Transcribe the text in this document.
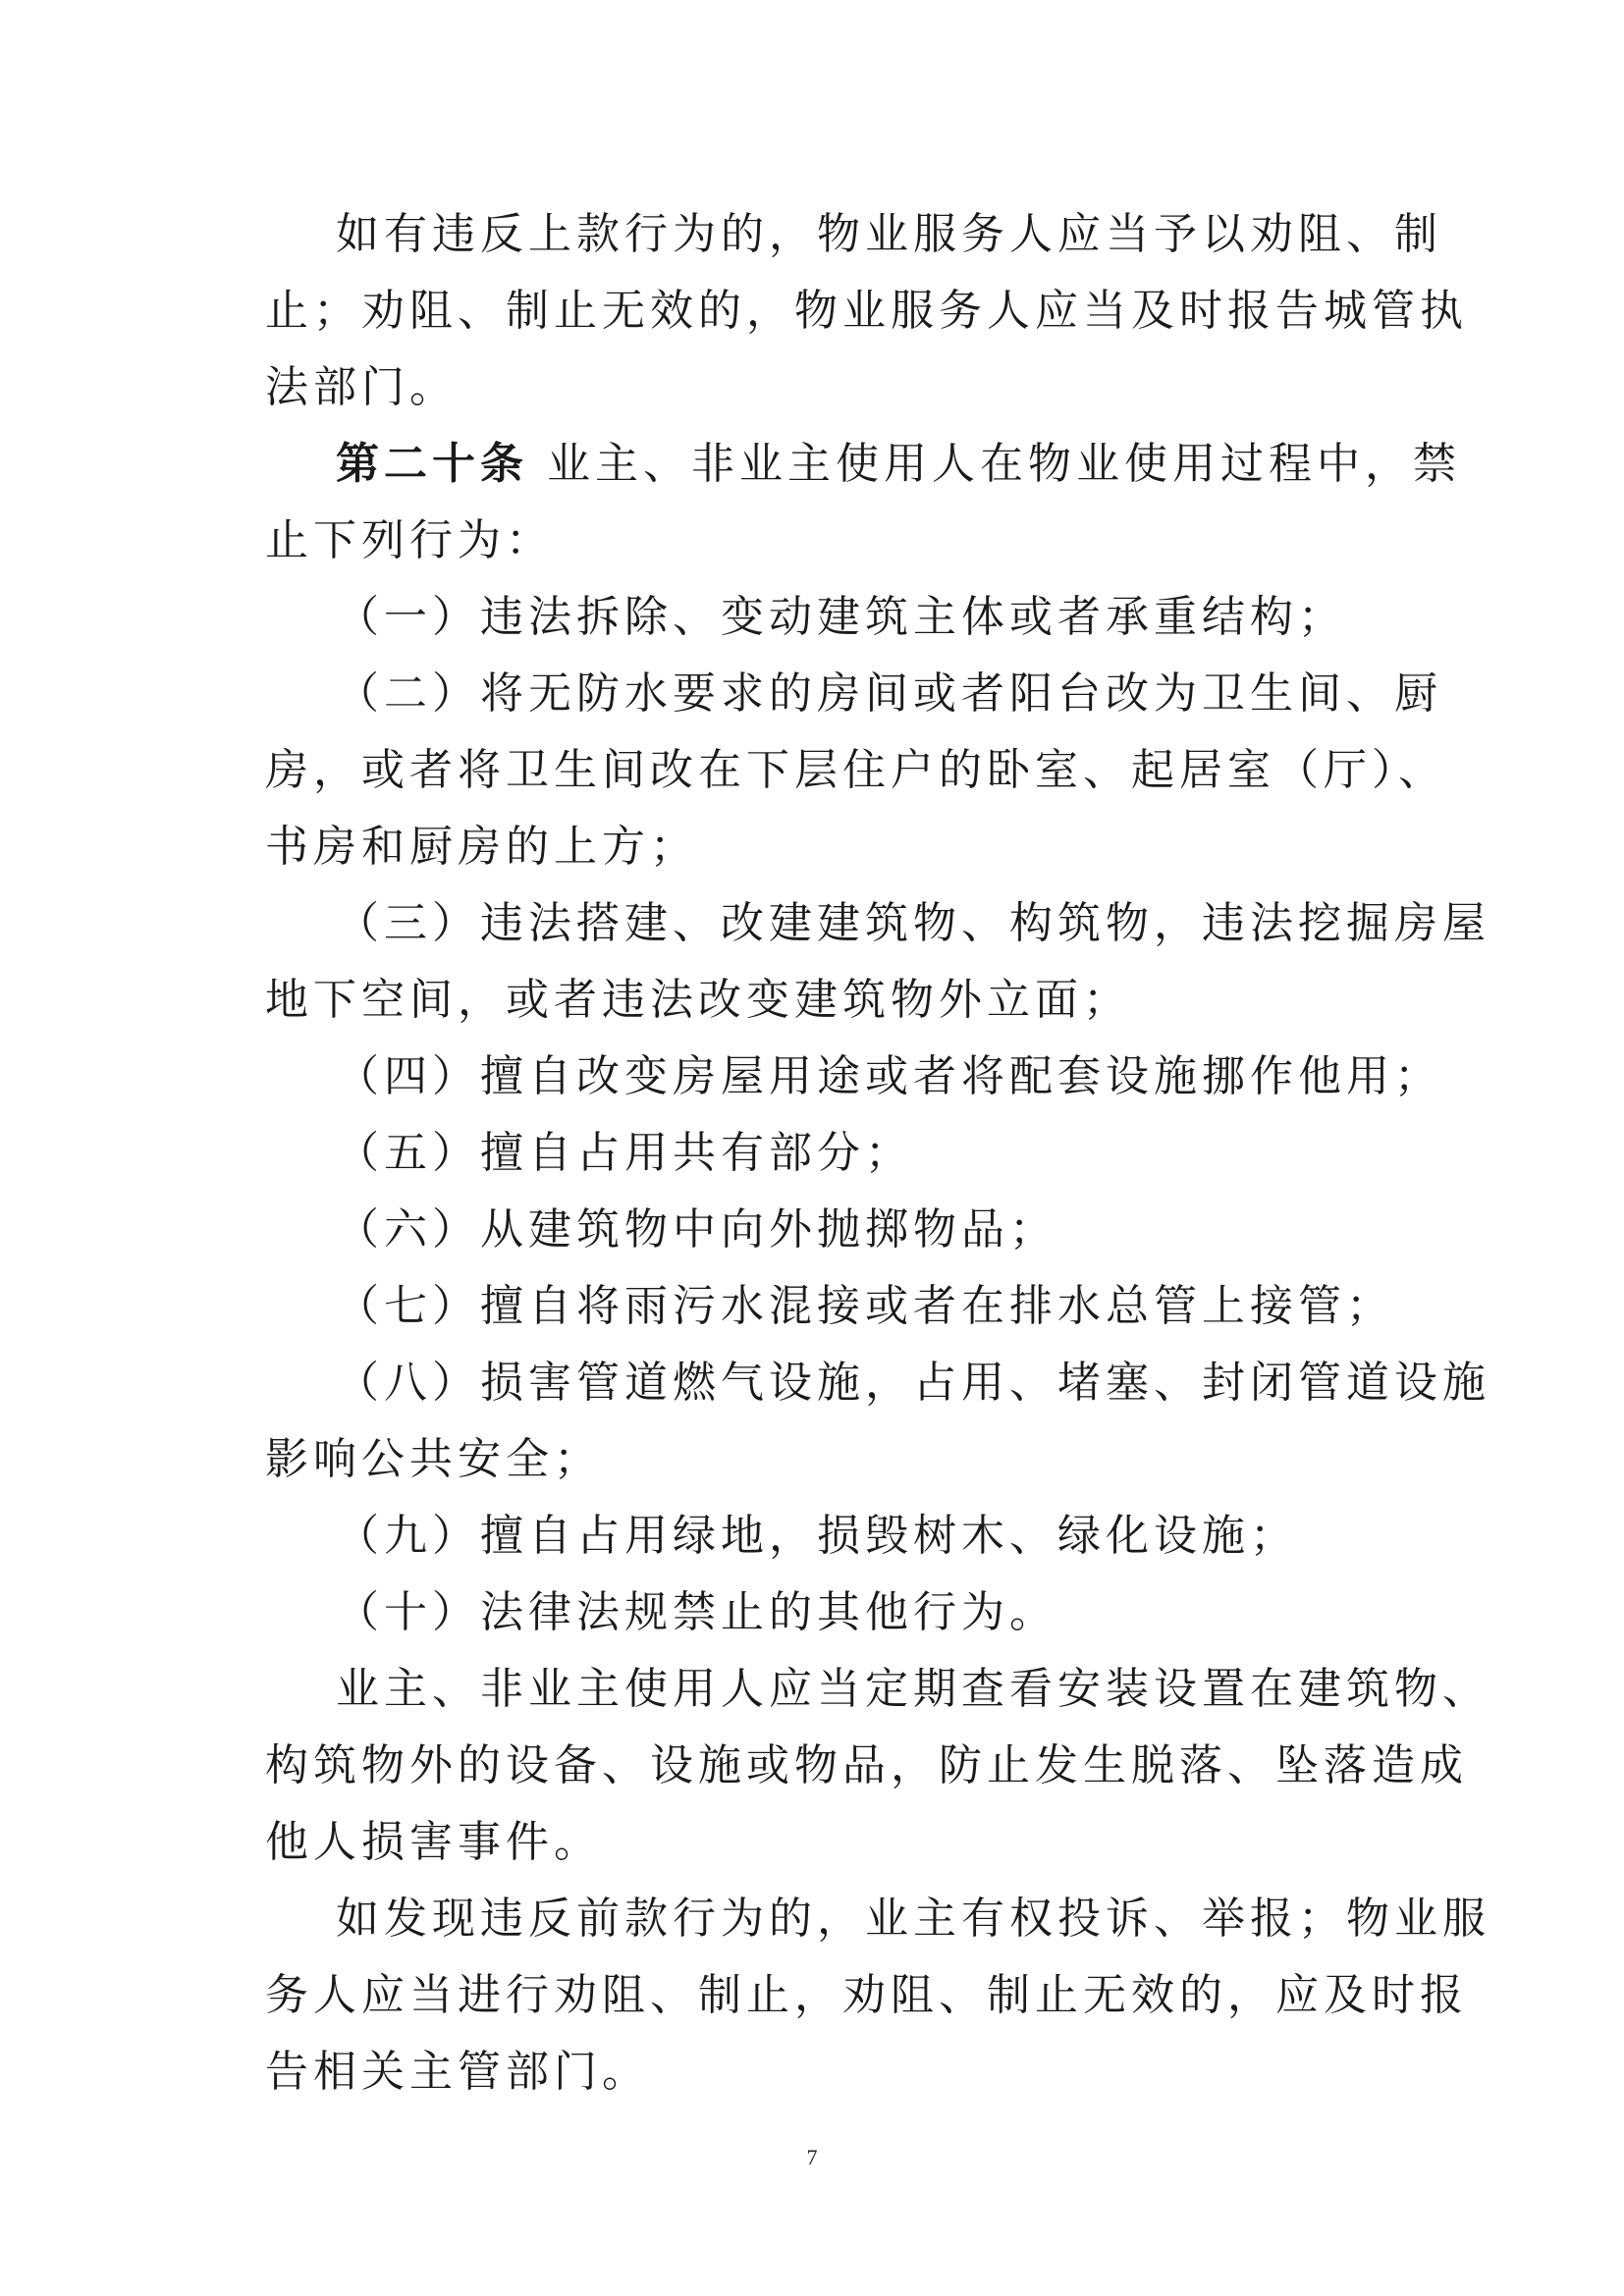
如有违反上款行为的，物业服务人应当予以劝阻、制
止；劝阻、制止无效的，物业服务人应当及时报告城管执
法部门。
第二十条 业主、非业主使用人在物业使用过程中，禁
止下列行为：
（一）违法拆除、变动建筑主体或者承重结构；
（二）将无防水要求的房间或者阳台改为卫生间、厨
房，或者将卫生间改在下层住户的卧室、起居室（厅）、
书房和厨房的上方；
（三）违法搭建、改建建筑物、构筑物，违法挖掘房屋
地下空间，或者违法改变建筑物外立面；
（四）擅自改变房屋用途或者将配套设施挪作他用；
（五）擅自占用共有部分；
（六）从建筑物中向外抛掷物品；
（七）擅自将雨污水混接或者在排水总管上接管；
（八）损害管道燃气设施，占用、堵塞、封闭管道设施
影响公共安全；
（九）擅自占用绿地，损毁树木、绿化设施；
（十）法律法规禁止的其他行为。
业主、非业主使用人应当定期查看安装设置在建筑物、
构筑物外的设备、设施或物品，防止发生脱落、坠落造成
他人损害事件。
如发现违反前款行为的，业主有权投诉、举报；物业服
务人应当进行劝阻、制止，劝阻、制止无效的，应及时报
告相关主管部门。
7
